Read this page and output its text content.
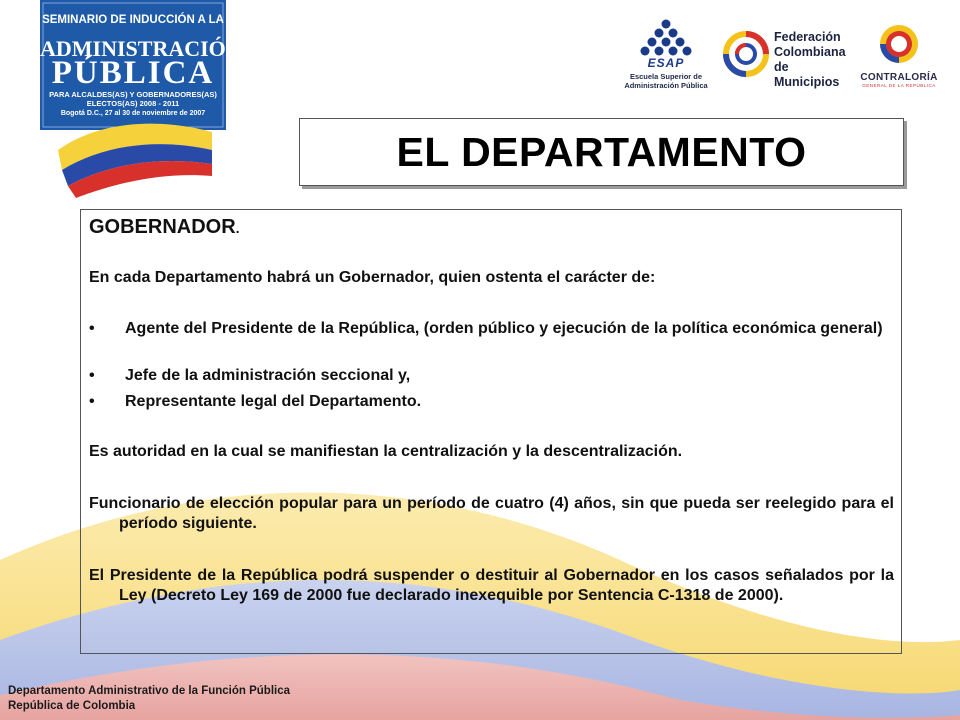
SEMINARIO DE INDUCCIÓN A LA
ADMINISTRACIÓN
PÚBLICA
PARA ALCALDES(AS) Y GOBERNADORES(AS)
ELECTOS(AS) 2008 - 2011
Bogotá D.C., 27 al 30 de noviembre de 2007
ESAP
Escuela Superior de
Administración Pública
Federación
Colombiana
de Municipios	CONTRALORÍA
GENERAL DE LA REPÚBLICA
EL DEPARTAMENTO
GOBERNADOR.
En cada Departamento habrá un Gobernador, quien ostenta el carácter de:
•	Agente del Presidente de la República, (orden público y ejecución de la política económica general)
•	Jefe de la administración seccional y,
•	Representante legal del Departamento.
Es autoridad en la cual se manifiestan la centralización y la descentralización.
Funcionario de elección popular para un período de cuatro (4) años, sin que pueda ser reelegido para el período siguiente.
El Presidente de la República podrá suspender o destituir al Gobernador en los casos señalados por la Ley (Decreto Ley 169 de 2000 fue declarado inexequible por Sentencia C-1318 de 2000).
Departamento Administrativo de la Función Pública
República de Colombia
